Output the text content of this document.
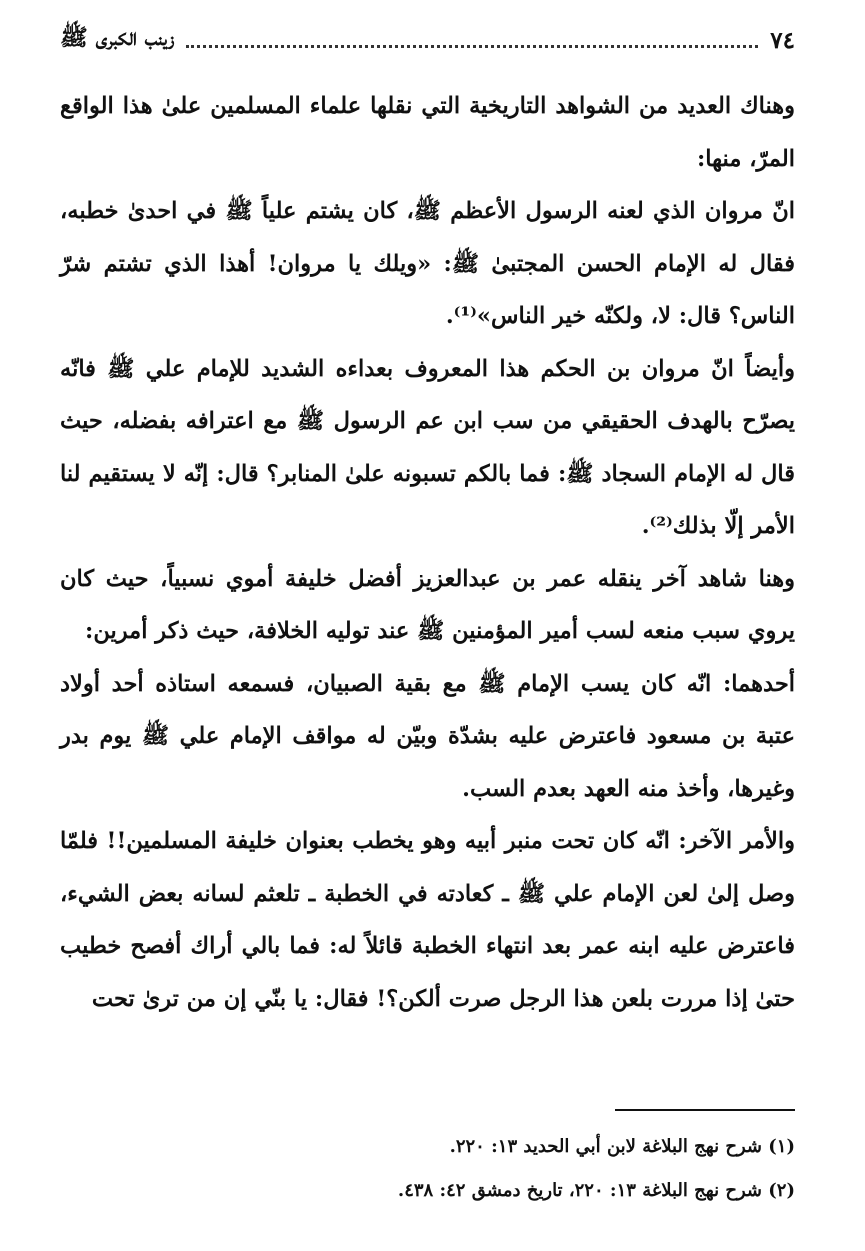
٧٤
زينب الكبرى ﷺ

وهناك العديد من الشواهد التاريخية التي نقلها علماء المسلمين علىٰ هذا الواقع المرّ، منها:

انّ مروان الذي لعنه الرسول الأعظم ﷺ، كان يشتم علياً ﷺ في احدىٰ خطبه، فقال له الإمام الحسن المجتبىٰ ﷺ: «ويلك يا مروان! أهذا الذي تشتم شرّ الناس؟ قال: لا، ولكنّه خير الناس»⁽¹⁾.

وأيضاً انّ مروان بن الحكم هذا المعروف بعداءه الشديد للإمام علي ﷺ فانّه يصرّح بالهدف الحقيقي من سب ابن عم الرسول ﷺ مع اعترافه بفضله، حيث قال له الإمام السجاد ﷺ: فما بالكم تسبونه علىٰ المنابر؟ قال: إنّه لا يستقيم لنا الأمر إلّا بذلك⁽²⁾.

وهنا شاهد آخر ينقله عمر بن عبدالعزيز أفضل خليفة أموي نسبياً، حيث كان يروي سبب منعه لسب أمير المؤمنين ﷺ عند توليه الخلافة، حيث ذكر أمرين:

أحدهما: انّه كان يسب الإمام ﷺ مع بقية الصبيان، فسمعه استاذه أحد أولاد عتبة بن مسعود فاعترض عليه بشدّة وبيّن له مواقف الإمام علي ﷺ يوم بدر وغيرها، وأخذ منه العهد بعدم السب.

والأمر الآخر: انّه كان تحت منبر أبيه وهو يخطب بعنوان خليفة المسلمين!! فلمّا وصل إلىٰ لعن الإمام علي ﷺ ـ كعادته في الخطبة ـ تلعثم لسانه بعض الشيء، فاعترض عليه ابنه عمر بعد انتهاء الخطبة قائلاً له: فما بالي أراك أفصح خطيب حتىٰ إذا مررت بلعن هذا الرجل صرت ألكن؟! فقال: يا بنّي إن من ترىٰ تحت

(١) شرح نهج البلاغة لابن أبي الحديد ١٣: ٢٢٠.

(٢) شرح نهج البلاغة ١٣: ٢٢٠، تاريخ دمشق ٤٢: ٤٣٨.
